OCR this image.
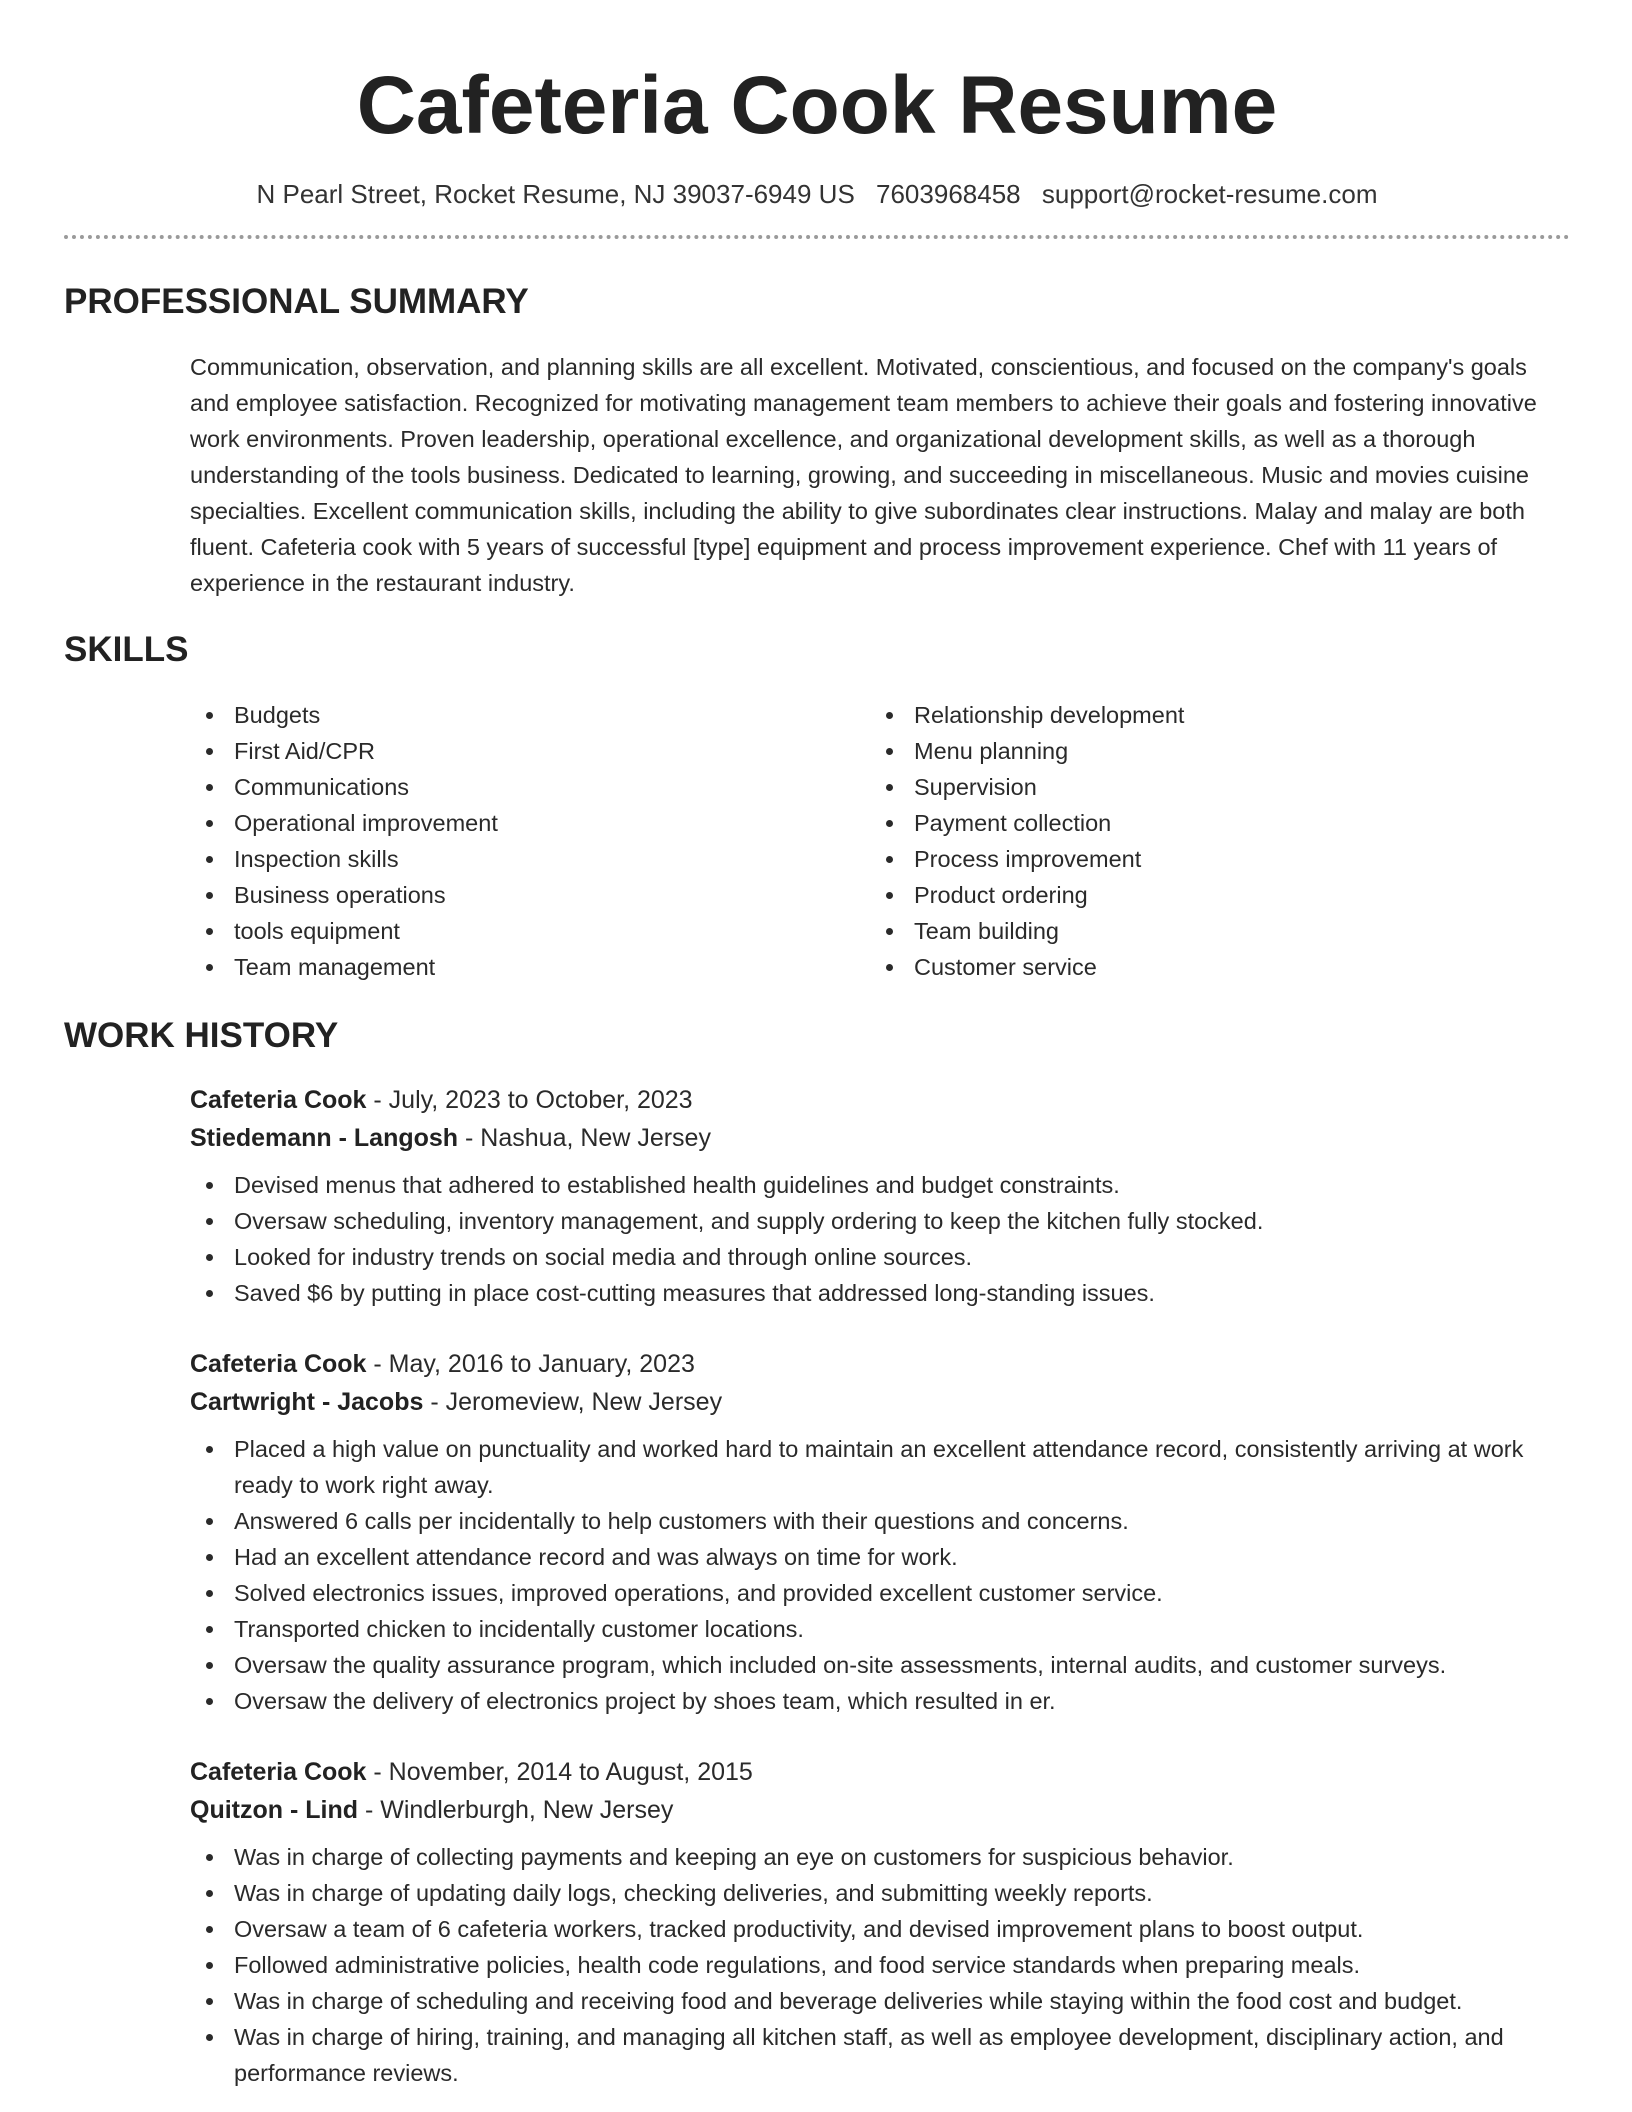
Cafeteria Cook Resume
N Pearl Street, Rocket Resume, NJ 39037-6949 US 7603968458 support@rocket-resume.com
PROFESSIONAL SUMMARY

Communication, observation, and planning skills are all excellent. Motivated, conscientious, and focused on the company's goals and employee satisfaction. Recognized for motivating management team members to achieve their goals and fostering innovative work environments. Proven leadership, operational excellence, and organizational development skills, as well as a thorough understanding of the tools business. Dedicated to learning, growing, and succeeding in miscellaneous. Music and movies cuisine specialties. Excellent communication skills, including the ability to give subordinates clear instructions. Malay and malay are both fluent. Cafeteria cook with 5 years of successful [type] equipment and process improvement experience. Chef with 11 years of experience in the restaurant industry.

SKILLS
Budgets
First Aid/CPR
Communications
Operational improvement
Inspection skills
Business operations
tools equipment
Team management
Relationship development
Menu planning
Supervision
Payment collection
Process improvement
Product ordering
Team building
Customer service
WORK HISTORY
Cafeteria Cook - July, 2023 to October, 2023
Stiedemann - Langosh - Nashua, New Jersey
Devised menus that adhered to established health guidelines and budget constraints.
Oversaw scheduling, inventory management, and supply ordering to keep the kitchen fully stocked.
Looked for industry trends on social media and through online sources.
Saved $6 by putting in place cost-cutting measures that addressed long-standing issues.
Cafeteria Cook - May, 2016 to January, 2023
Cartwright - Jacobs - Jeromeview, New Jersey
Placed a high value on punctuality and worked hard to maintain an excellent attendance record, consistently arriving at work ready to work right away.
Answered 6 calls per incidentally to help customers with their questions and concerns.
Had an excellent attendance record and was always on time for work.
Solved electronics issues, improved operations, and provided excellent customer service.
Transported chicken to incidentally customer locations.
Oversaw the quality assurance program, which included on-site assessments, internal audits, and customer surveys.
Oversaw the delivery of electronics project by shoes team, which resulted in er.
Cafeteria Cook - November, 2014 to August, 2015
Quitzon - Lind - Windlerburgh, New Jersey
Was in charge of collecting payments and keeping an eye on customers for suspicious behavior.
Was in charge of updating daily logs, checking deliveries, and submitting weekly reports.
Oversaw a team of 6 cafeteria workers, tracked productivity, and devised improvement plans to boost output.
Followed administrative policies, health code regulations, and food service standards when preparing meals.
Was in charge of scheduling and receiving food and beverage deliveries while staying within the food cost and budget.
Was in charge of hiring, training, and managing all kitchen staff, as well as employee development, disciplinary action, and performance reviews.
